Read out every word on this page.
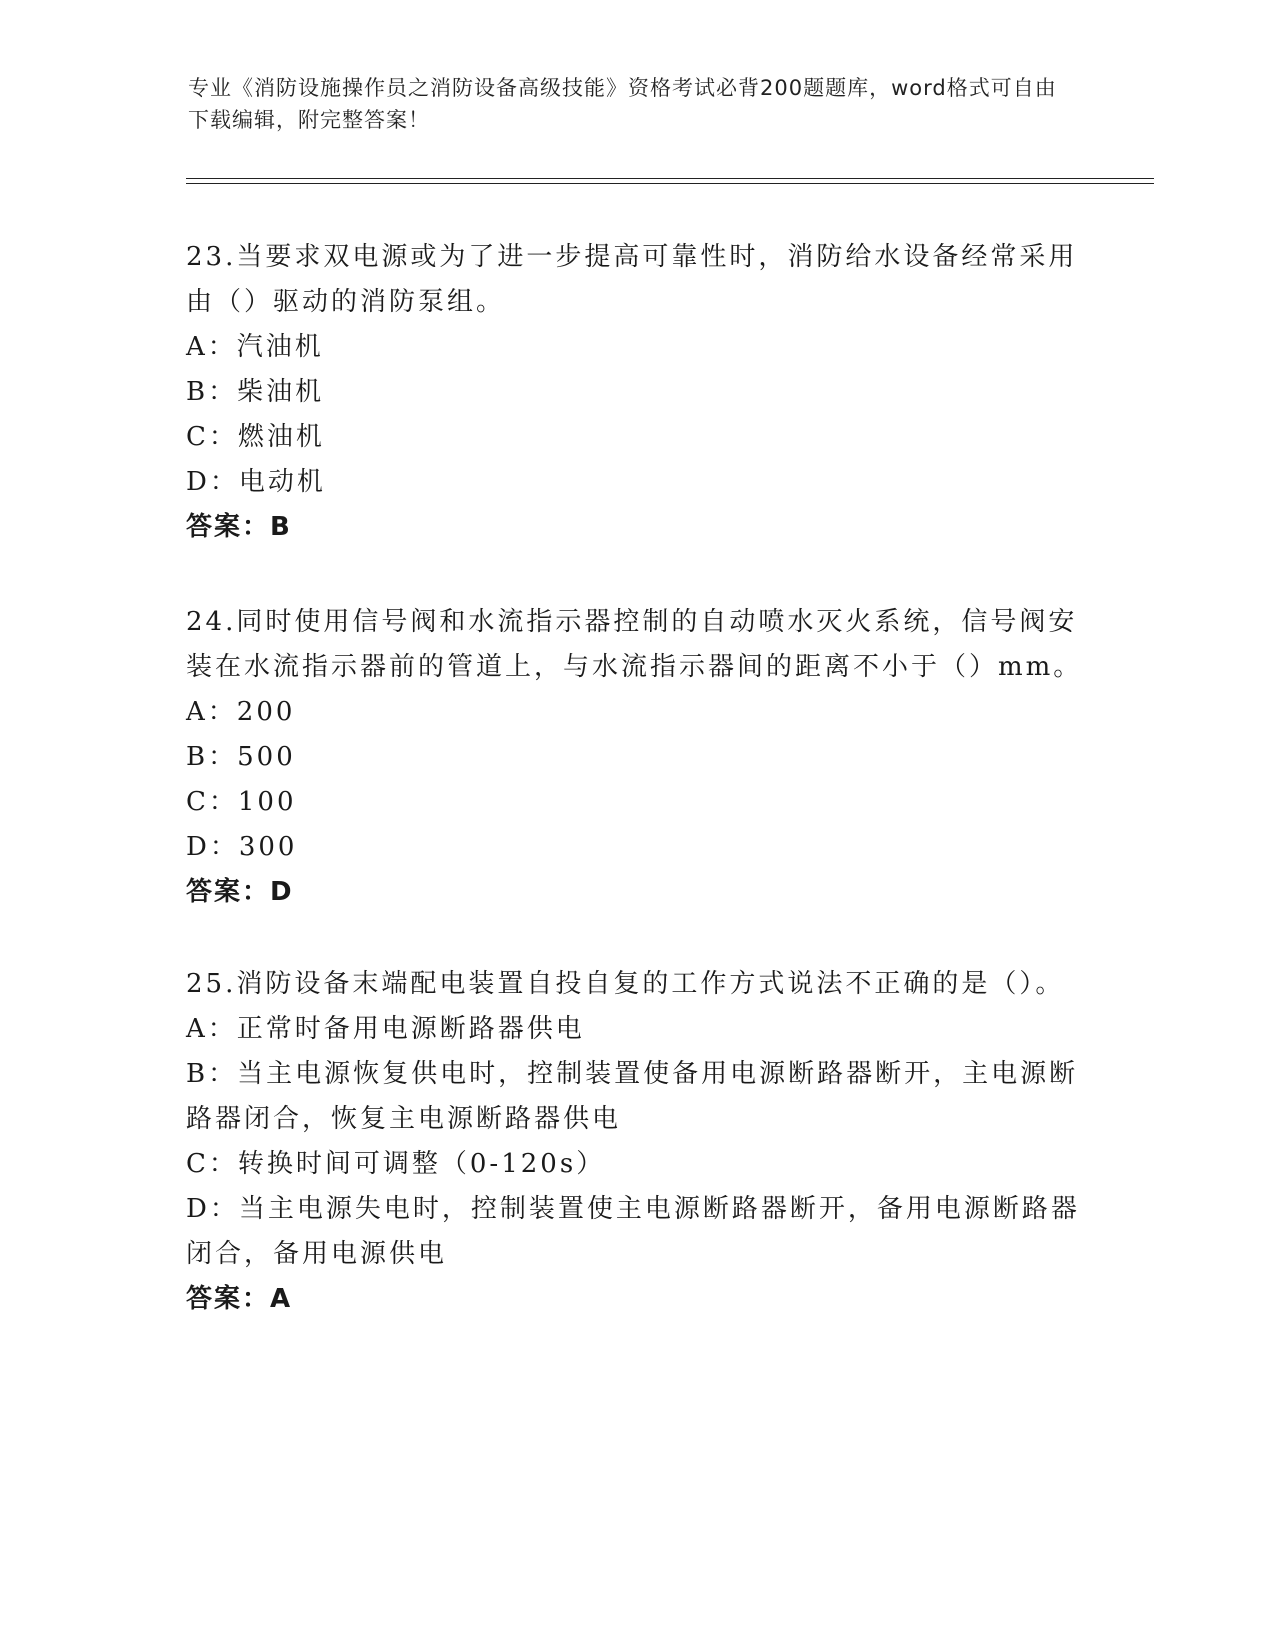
专业《消防设施操作员之消防设备高级技能》资格考试必背200题题库，word格式可自由下载编辑，附完整答案！

23.当要求双电源或为了进一步提高可靠性时，消防给水设备经常采用由（）驱动的消防泵组。

A：汽油机

B：柴油机

C：燃油机

D：电动机

答案：B

24.同时使用信号阀和水流指示器控制的自动喷水灭火系统，信号阀安装在水流指示器前的管道上，与水流指示器间的距离不小于（）mm。

A：200

B：500

C：100

D：300

答案：D

25.消防设备末端配电装置自投自复的工作方式说法不正确的是（）。

A：正常时备用电源断路器供电

B：当主电源恢复供电时，控制装置使备用电源断路器断开，主电源断路器闭合，恢复主电源断路器供电

C：转换时间可调整（0-120s）

D：当主电源失电时，控制装置使主电源断路器断开，备用电源断路器闭合，备用电源供电

答案：A
